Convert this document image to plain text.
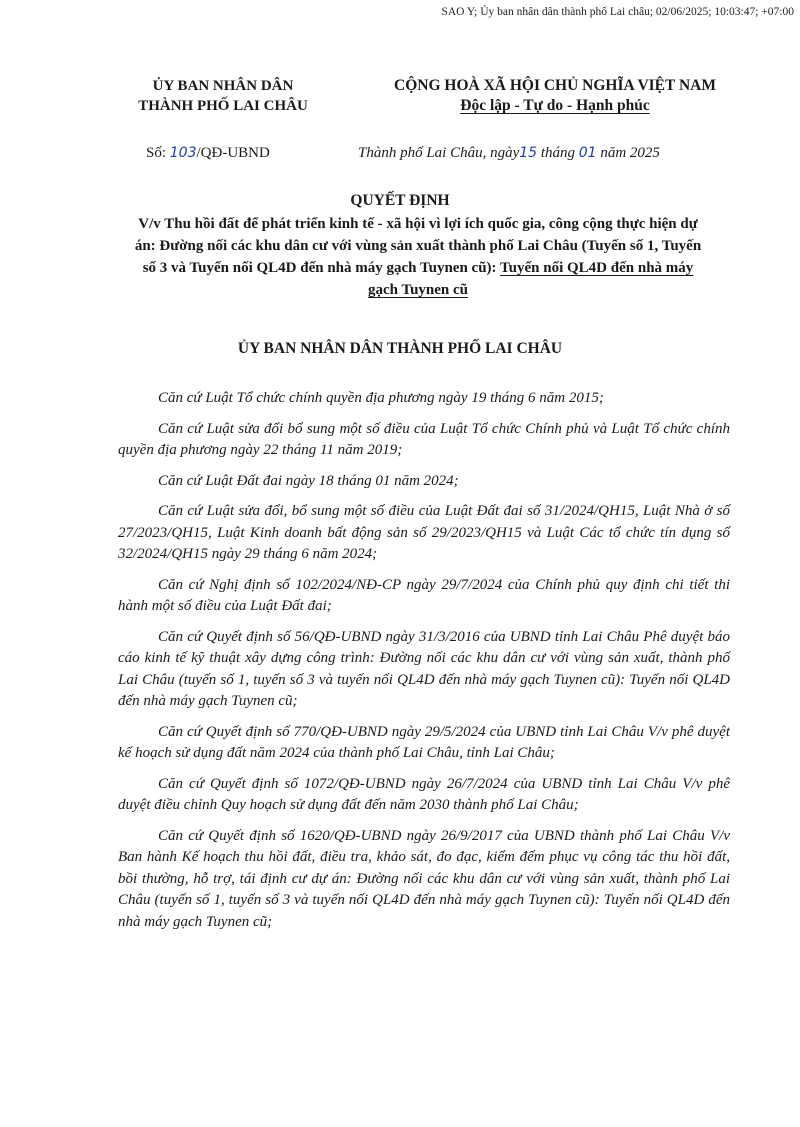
SAO Y; Ủy ban nhân dân thành phố Lai châu; 02/06/2025; 10:03:47; +07:00
ỦY BAN NHÂN DÂN
THÀNH PHỐ LAI CHÂU
CỘNG HOÀ XÃ HỘI CHỦ NGHĨA VIỆT NAM
Độc lập - Tự do - Hạnh phúc
Số: 103/QĐ-UBND	Thành phố Lai Châu, ngày15 tháng 01 năm 2025
QUYẾT ĐỊNH
V/v Thu hồi đất để phát triển kinh tế - xã hội vì lợi ích quốc gia, công cộng thực hiện dự án: Đường nối các khu dân cư với vùng sản xuất thành phố Lai Châu (Tuyến số 1, Tuyến số 3 và Tuyến nối QL4D đến nhà máy gạch Tuynen cũ): Tuyến nối QL4D đến nhà máy gạch Tuynen cũ
ỦY BAN NHÂN DÂN THÀNH PHỐ LAI CHÂU

Căn cứ Luật Tổ chức chính quyền địa phương ngày 19 tháng 6 năm 2015;

Căn cứ Luật sửa đổi bổ sung một số điều của Luật Tổ chức Chính phủ và Luật Tổ chức chính quyền địa phương ngày 22 tháng 11 năm 2019;

Căn cứ Luật Đất đai ngày 18 tháng 01 năm 2024;

Căn cứ Luật sửa đổi, bổ sung một số điều của Luật Đất đai số 31/2024/QH15, Luật Nhà ở số 27/2023/QH15, Luật Kinh doanh bất động sản số 29/2023/QH15 và Luật Các tổ chức tín dụng số 32/2024/QH15 ngày 29 tháng 6 năm 2024;

Căn cứ Nghị định số 102/2024/NĐ-CP ngày 29/7/2024 của Chính phủ quy định chi tiết thi hành một số điều của Luật Đất đai;

Căn cứ Quyết định số 56/QĐ-UBND ngày 31/3/2016 của UBND tỉnh Lai Châu Phê duyệt báo cáo kinh tế kỹ thuật xây dựng công trình: Đường nối các khu dân cư với vùng sản xuất, thành phố Lai Châu (tuyến số 1, tuyến số 3 và tuyến nối QL4D đến nhà máy gạch Tuynen cũ): Tuyến nối QL4D đến nhà máy gạch Tuynen cũ;

Căn cứ Quyết định số 770/QĐ-UBND ngày 29/5/2024 của UBND tỉnh Lai Châu V/v phê duyệt kế hoạch sử dụng đất năm 2024 của thành phố Lai Châu, tỉnh Lai Châu;

Căn cứ Quyết định số 1072/QĐ-UBND ngày 26/7/2024 của UBND tỉnh Lai Châu V/v phê duyệt điều chỉnh Quy hoạch sử dụng đất đến năm 2030 thành phố Lai Châu;

Căn cứ Quyết định số 1620/QĐ-UBND ngày 26/9/2017 của UBND thành phố Lai Châu V/v Ban hành Kế hoạch thu hồi đất, điều tra, khảo sát, đo đạc, kiểm đếm phục vụ công tác thu hồi đất, bồi thường, hỗ trợ, tái định cư dự án: Đường nối các khu dân cư với vùng sản xuất, thành phố Lai Châu (tuyến số 1, tuyến số 3 và tuyến nối QL4D đến nhà máy gạch Tuynen cũ): Tuyến nối QL4D đến nhà máy gạch Tuynen cũ;
